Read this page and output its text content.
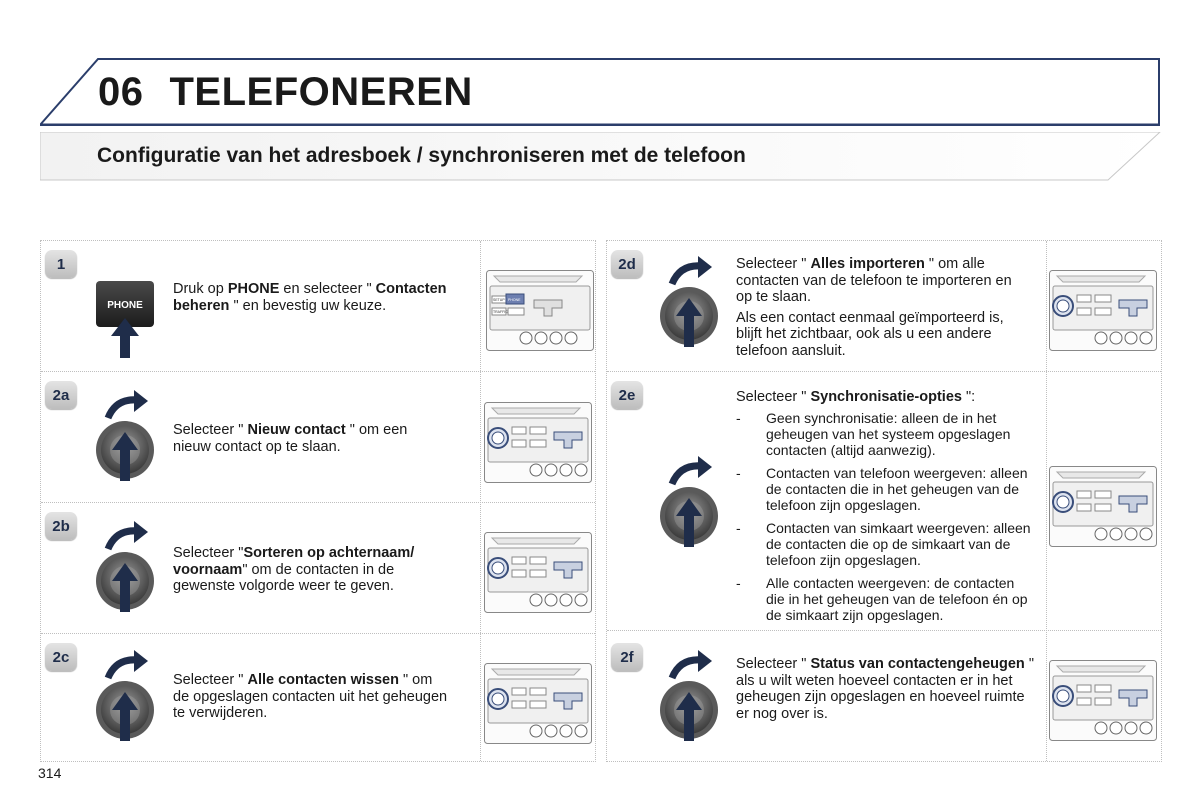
06 TELEFONEREN
Configuratie van het adresboek / synchroniseren met de telefoon
1
2a
2b
2c
2d
2e
2f
PHONE	SETUP PHONE
TRAFFIC
Druk op PHONE en selecteer " Contacten beheren " en bevestig uw keuze.
Selecteer " Nieuw contact " om een nieuw contact op te slaan.
Selecteer "Sorteren op achternaam/ voornaam" om de contacten in de gewenste volgorde weer te geven.
Selecteer " Alle contacten wissen " om de opgeslagen contacten uit het geheugen te verwijderen.

Selecteer " Alles importeren " om alle contacten van de telefoon te importeren en op te slaan.

Als een contact eenmaal geïmporteerd is, blijft het zichtbaar, ook als u een andere telefoon aansluit.

Selecteer " Synchronisatie-opties ":

- Geen synchronisatie: alleen de in het geheugen van het systeem opgeslagen contacten (altijd aanwezig).
- Contacten van telefoon weergeven: alleen de contacten die in het geheugen van de telefoon zijn opgeslagen.
- Contacten van simkaart weergeven: alleen de contacten die op de simkaart van de telefoon zijn opgeslagen.
- Alle contacten weergeven: de contacten die in het geheugen van de telefoon én op de simkaart zijn opgeslagen.
Selecteer " Status van contactengeheugen " als u wilt weten hoeveel contacten er in het geheugen zijn opgeslagen en hoeveel ruimte er nog over is.
314
